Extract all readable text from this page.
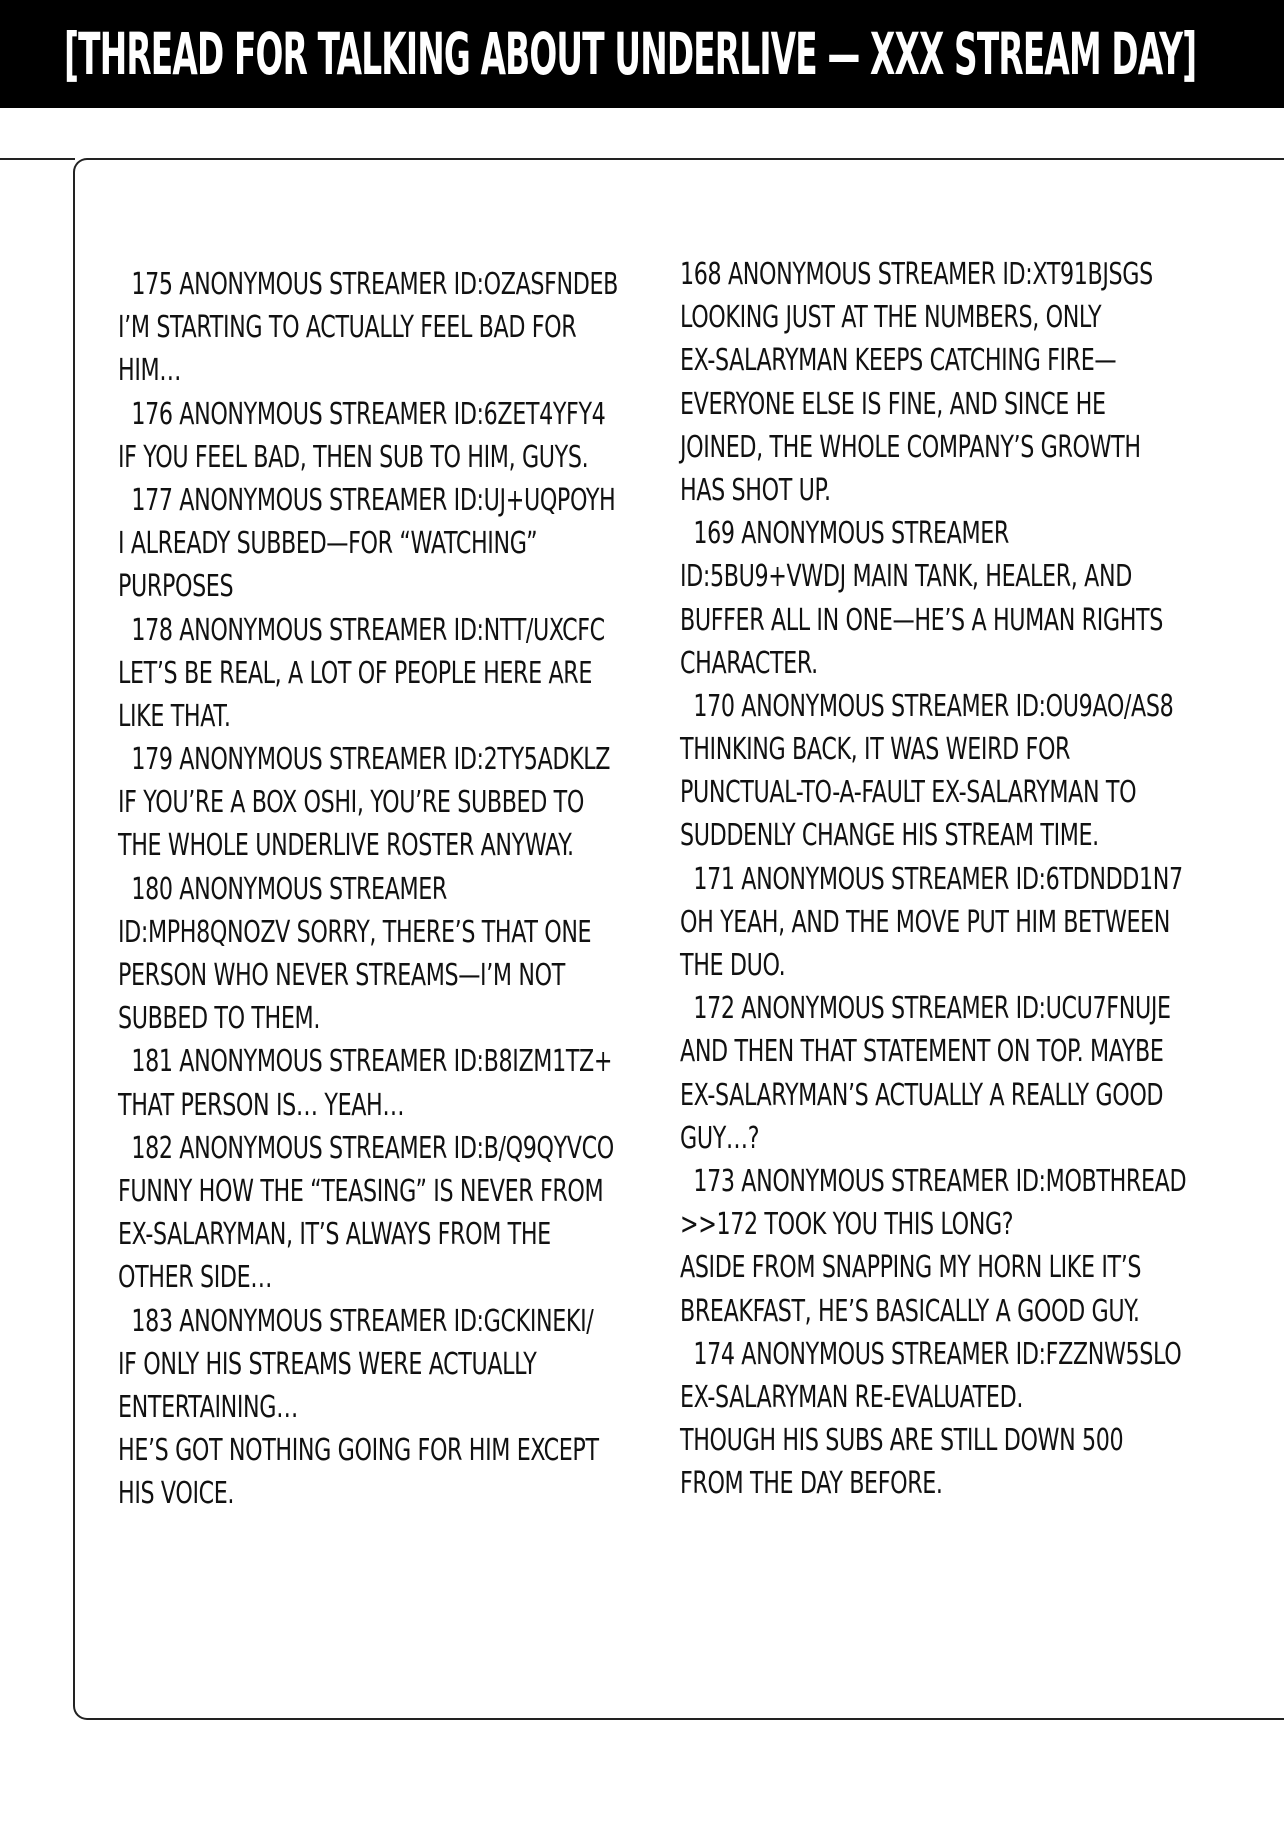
[THREAD FOR TALKING ABOUT UNDERLIVE — XXX STREAM DAY]
175 ANONYMOUS STREAMER ID:OZASFNDEB
I’M STARTING TO ACTUALLY FEEL BAD FOR
HIM…
176 ANONYMOUS STREAMER ID:6ZET4YFY4
IF YOU FEEL BAD, THEN SUB TO HIM, GUYS.
177 ANONYMOUS STREAMER ID:UJ+UQPOYH
I ALREADY SUBBED—FOR “WATCHING”
PURPOSES
178 ANONYMOUS STREAMER ID:NTT/UXCFC
LET’S BE REAL, A LOT OF PEOPLE HERE ARE
LIKE THAT.
179 ANONYMOUS STREAMER ID:2TY5ADKLZ
IF YOU’RE A BOX OSHI, YOU’RE SUBBED TO
THE WHOLE UNDERLIVE ROSTER ANYWAY.
180 ANONYMOUS STREAMER
ID:MPH8QNOZV SORRY, THERE’S THAT ONE
PERSON WHO NEVER STREAMS—I’M NOT
SUBBED TO THEM.
181 ANONYMOUS STREAMER ID:B8IZM1TZ+
THAT PERSON IS… YEAH…
182 ANONYMOUS STREAMER ID:B/Q9QYVCO
FUNNY HOW THE “TEASING” IS NEVER FROM
EX-SALARYMAN, IT’S ALWAYS FROM THE
OTHER SIDE…
183 ANONYMOUS STREAMER ID:GCKINEKI/
IF ONLY HIS STREAMS WERE ACTUALLY
ENTERTAINING…
HE’S GOT NOTHING GOING FOR HIM EXCEPT
HIS VOICE.
168 ANONYMOUS STREAMER ID:XT91BJSGS
LOOKING JUST AT THE NUMBERS, ONLY
EX-SALARYMAN KEEPS CATCHING FIRE—
EVERYONE ELSE IS FINE, AND SINCE HE
JOINED, THE WHOLE COMPANY’S GROWTH
HAS SHOT UP.
169 ANONYMOUS STREAMER
ID:5BU9+VWDJ MAIN TANK, HEALER, AND
BUFFER ALL IN ONE—HE’S A HUMAN RIGHTS
CHARACTER.
170 ANONYMOUS STREAMER ID:OU9AO/AS8
THINKING BACK, IT WAS WEIRD FOR
PUNCTUAL-TO-A-FAULT EX-SALARYMAN TO
SUDDENLY CHANGE HIS STREAM TIME.
171 ANONYMOUS STREAMER ID:6TDNDD1N7
OH YEAH, AND THE MOVE PUT HIM BETWEEN
THE DUO.
172 ANONYMOUS STREAMER ID:UCU7FNUJE
AND THEN THAT STATEMENT ON TOP. MAYBE
EX-SALARYMAN’S ACTUALLY A REALLY GOOD
GUY…?
173 ANONYMOUS STREAMER ID:MOBTHREAD
>>172 TOOK YOU THIS LONG?
ASIDE FROM SNAPPING MY HORN LIKE IT’S
BREAKFAST, HE’S BASICALLY A GOOD GUY.
174 ANONYMOUS STREAMER ID:FZZNW5SLO
EX-SALARYMAN RE-EVALUATED.
THOUGH HIS SUBS ARE STILL DOWN 500
FROM THE DAY BEFORE.
